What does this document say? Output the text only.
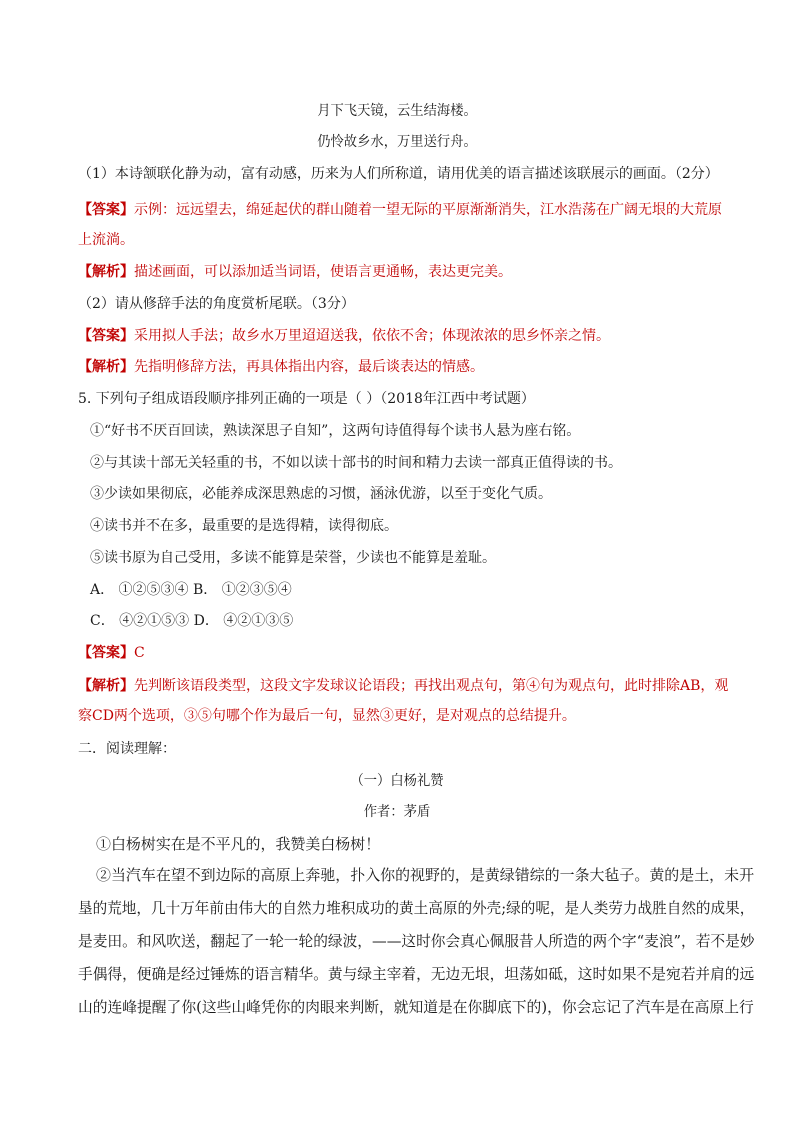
月下飞天镜，云生结海楼。
仍怜故乡水，万里送行舟。
（1）本诗颔联化静为动，富有动感，历来为人们所称道，请用优美的语言描述该联展示的画面。（2分）
【答案】示例：远远望去，绵延起伏的群山随着一望无际的平原渐渐消失，江水浩荡在广阔无垠的大荒原
上流淌。
【解析】描述画面，可以添加适当词语，使语言更通畅，表达更完美。
（2）请从修辞手法的角度赏析尾联。（3分）
【答案】采用拟人手法；故乡水万里迢迢送我，依依不舍；体现浓浓的思乡怀亲之情。
【解析】先指明修辞方法，再具体指出内容，最后谈表达的情感。
5. 下列句子组成语段顺序排列正确的一项是（ ）（2018年江西中考试题）
①“好书不厌百回读，熟读深思子自知”，这两句诗值得每个读书人悬为座右铭。
②与其读十部无关轻重的书，不如以读十部书的时间和精力去读一部真正值得读的书。
③少读如果彻底，必能养成深思熟虑的习惯，涵泳优游，以至于变化气质。
④读书并不在多，最重要的是选得精，读得彻底。
⑤读书原为自己受用，多读不能算是荣誉，少读也不能算是羞耻。
A． ①②⑤③④ B． ①②③⑤④
C． ④②①⑤③ D． ④②①③⑤
【答案】C
【解析】先判断该语段类型，这段文字发球议论语段；再找出观点句，第④句为观点句，此时排除AB，观
察CD两个选项，③⑤句哪个作为最后一句，显然③更好，是对观点的总结提升。
二．阅读理解：
（一）白杨礼赞
作者：茅盾
①白杨树实在是不平凡的，我赞美白杨树！
②当汽车在望不到边际的高原上奔驰，扑入你的视野的，是黄绿错综的一条大毡子。黄的是土，未开
垦的荒地，几十万年前由伟大的自然力堆积成功的黄土高原的外壳;绿的呢，是人类劳力战胜自然的成果，
是麦田。和风吹送，翻起了一轮一轮的绿波，——这时你会真心佩服昔人所造的两个字“麦浪”，若不是妙
手偶得，便确是经过锤炼的语言精华。黄与绿主宰着，无边无垠，坦荡如砥，这时如果不是宛若并肩的远
山的连峰提醒了你(这些山峰凭你的肉眼来判断，就知道是在你脚底下的)，你会忘记了汽车是在高原上行
